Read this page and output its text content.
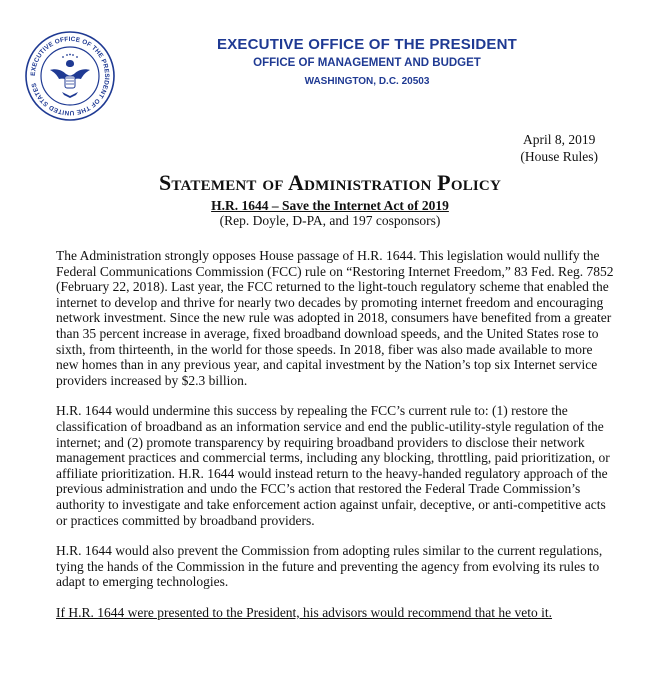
EXECUTIVE OFFICE OF THE PRESIDENT OF THE UNITED STATES
EXECUTIVE OFFICE OF THE PRESIDENT
OFFICE OF MANAGEMENT AND BUDGET
WASHINGTON, D.C. 20503
April 8, 2019
(House Rules)
Statement of Administration Policy
H.R. 1644 – Save the Internet Act of 2019
(Rep. Doyle, D-PA, and 197 cosponsors)

The Administration strongly opposes House passage of H.R. 1644. This legislation would nullify the Federal Communications Commission (FCC) rule on “Restoring Internet Freedom,” 83 Fed. Reg. 7852 (February 22, 2018). Last year, the FCC returned to the light-touch regulatory scheme that enabled the internet to develop and thrive for nearly two decades by promoting internet freedom and encouraging network investment. Since the new rule was adopted in 2018, consumers have benefited from a greater than 35 percent increase in average, fixed broadband download speeds, and the United States rose to sixth, from thirteenth, in the world for those speeds. In 2018, fiber was also made available to more new homes than in any previous year, and capital investment by the Nation’s top six Internet service providers increased by $2.3 billion.

H.R. 1644 would undermine this success by repealing the FCC’s current rule to: (1) restore the classification of broadband as an information service and end the public-utility-style regulation of the internet; and (2) promote transparency by requiring broadband providers to disclose their network management practices and commercial terms, including any blocking, throttling, paid prioritization, or affiliate prioritization. H.R. 1644 would instead return to the heavy-handed regulatory approach of the previous administration and undo the FCC’s action that restored the Federal Trade Commission’s authority to investigate and take enforcement action against unfair, deceptive, or anti-competitive acts or practices committed by broadband providers.

H.R. 1644 would also prevent the Commission from adopting rules similar to the current regulations, tying the hands of the Commission in the future and preventing the agency from evolving its rules to adapt to emerging technologies.

If H.R. 1644 were presented to the President, his advisors would recommend that he veto it.
